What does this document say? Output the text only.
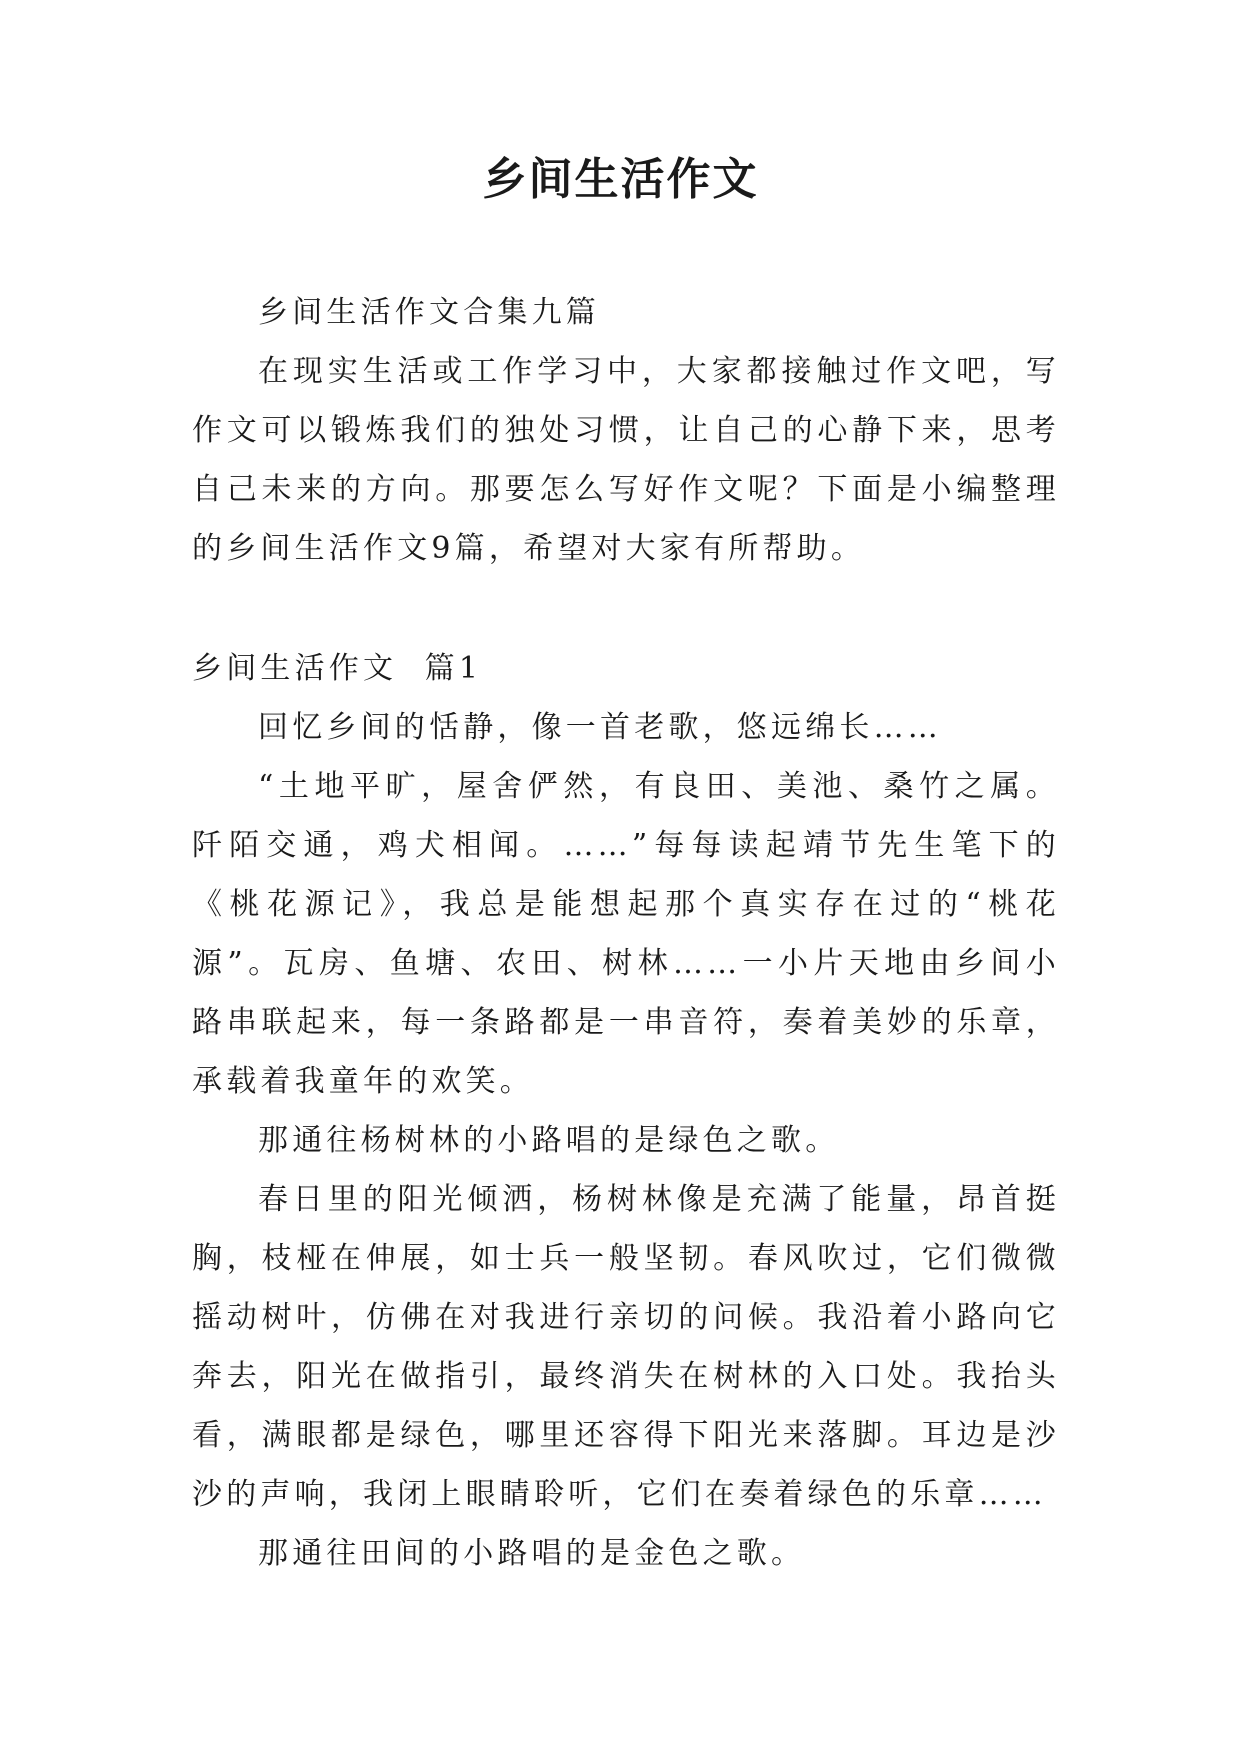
乡间生活作文

乡间生活作文合集九篇

在现实生活或工作学习中，大家都接触过作文吧，写作文可以锻炼我们的独处习惯，让自己的心静下来，思考自己未来的方向。那要怎么写好作文呢？下面是小编整理的乡间生活作文9篇，希望对大家有所帮助。

乡间生活作文  篇1

回忆乡间的恬静，像一首老歌，悠远绵长……

“土地平旷，屋舍俨然，有良田、美池、桑竹之属。阡陌交通，鸡犬相闻。……”每每读起靖节先生笔下的《桃花源记》，我总是能想起那个真实存在过的“桃花源”。瓦房、鱼塘、农田、树林……一小片天地由乡间小路串联起来，每一条路都是一串音符，奏着美妙的乐章，承载着我童年的欢笑。

那通往杨树林的小路唱的是绿色之歌。

春日里的阳光倾洒，杨树林像是充满了能量，昂首挺胸，枝桠在伸展，如士兵一般坚韧。春风吹过，它们微微摇动树叶，仿佛在对我进行亲切的问候。我沿着小路向它奔去，阳光在做指引，最终消失在树林的入口处。我抬头看，满眼都是绿色，哪里还容得下阳光来落脚。耳边是沙沙的声响，我闭上眼睛聆听，它们在奏着绿色的乐章……

那通往田间的小路唱的是金色之歌。
